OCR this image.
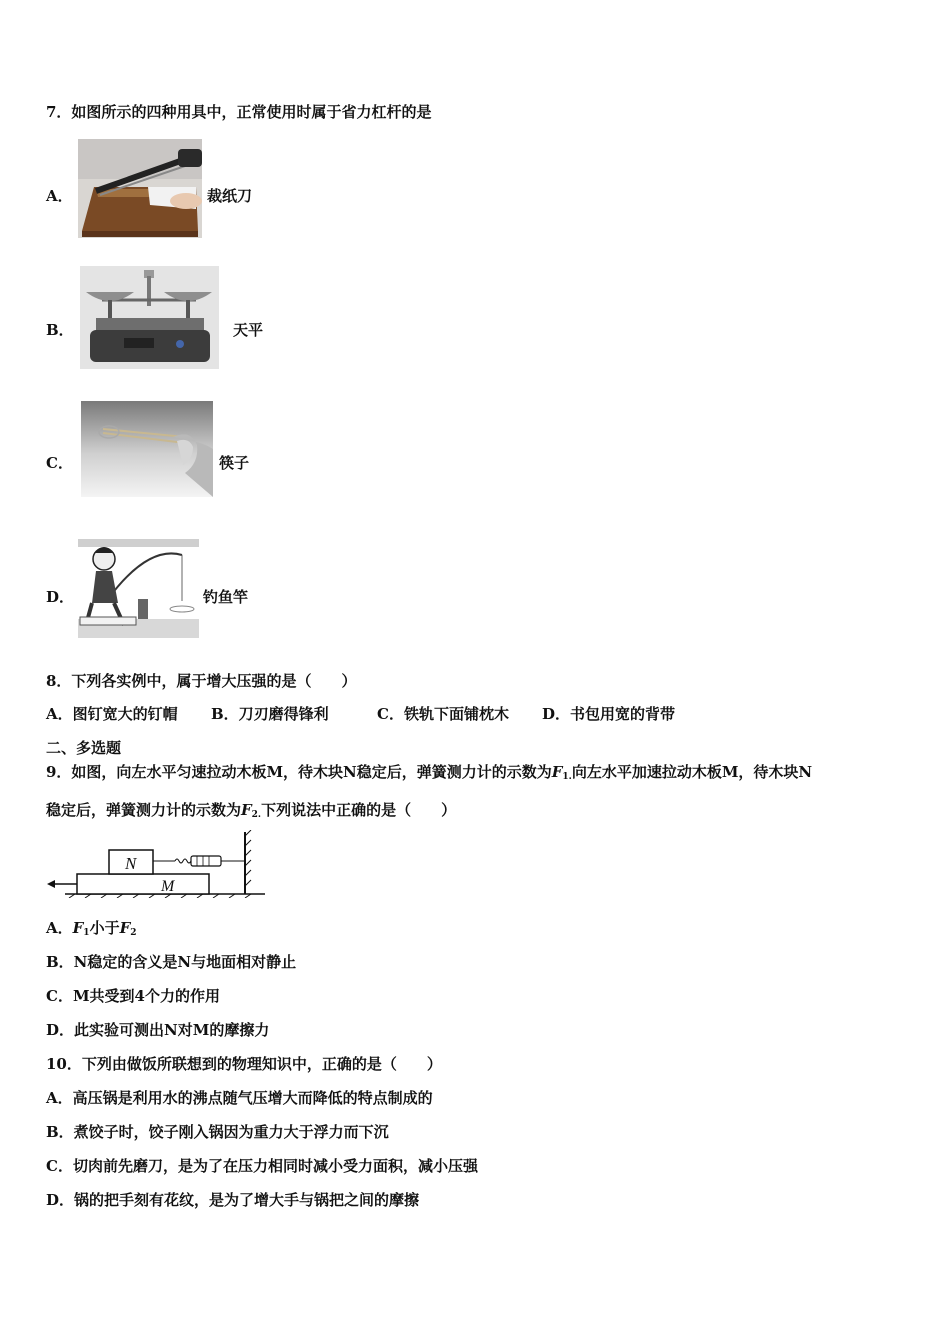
7．如图所示的四种用具中，正常使用时属于省力杠杆的是
A．	裁纸刀
B．	天平
C．	筷子
D．	钓鱼竿
8．下列各实例中，属于增大压强的是（　　）
A．图钉宽大的钉帽 B．刀刃磨得锋利	C．铁轨下面铺枕木 D．书包用宽的背带
二、多选题
9．如图，向左水平匀速拉动木板M，待木块N稳定后，弹簧测力计的示数为$F_{1.}$向左水平加速拉动木板M，待木块N
稳定后，弹簧测力计的示数为$F_{2.}$下列说法中正确的是（　　）
N
M
A．$F_1$小于$F_2$
B．N稳定的含义是N与地面相对静止
C．M共受到4个力的作用
D．此实验可测出N对M的摩擦力
10．下列由做饭所联想到的物理知识中，正确的是（　　）
A．高压锅是利用水的沸点随气压增大而降低的特点制成的
B．煮饺子时，饺子刚入锅因为重力大于浮力而下沉
C．切肉前先磨刀，是为了在压力相同时减小受力面积，减小压强
D．锅的把手刻有花纹，是为了增大手与锅把之间的摩擦
